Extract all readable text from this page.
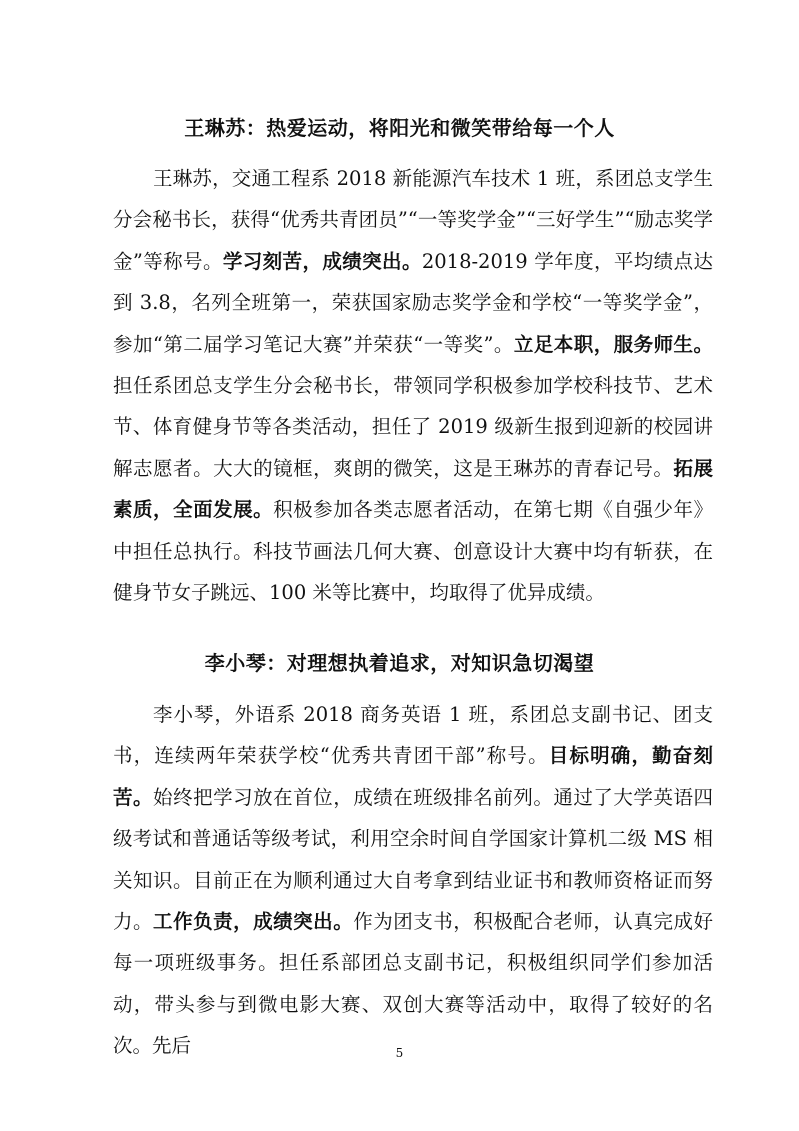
王琳苏：热爱运动，将阳光和微笑带给每一个人

王琳苏，交通工程系 2018 新能源汽车技术 1 班，系团总支学生分会秘书长，获得“优秀共青团员”“一等奖学金”“三好学生”“励志奖学金”等称号。学习刻苦，成绩突出。2018-2019 学年度，平均绩点达到 3.8，名列全班第一，荣获国家励志奖学金和学校“一等奖学金”，参加“第二届学习笔记大赛”并荣获“一等奖”。立足本职，服务师生。担任系团总支学生分会秘书长，带领同学积极参加学校科技节、艺术节、体育健身节等各类活动，担任了 2019 级新生报到迎新的校园讲解志愿者。大大的镜框，爽朗的微笑，这是王琳苏的青春记号。拓展素质，全面发展。积极参加各类志愿者活动，在第七期《自强少年》中担任总执行。科技节画法几何大赛、创意设计大赛中均有斩获，在健身节女子跳远、100 米等比赛中，均取得了优异成绩。

李小琴：对理想执着追求，对知识急切渴望

李小琴，外语系 2018 商务英语 1 班，系团总支副书记、团支书，连续两年荣获学校“优秀共青团干部”称号。目标明确，勤奋刻苦。始终把学习放在首位，成绩在班级排名前列。通过了大学英语四级考试和普通话等级考试，利用空余时间自学国家计算机二级 MS 相关知识。目前正在为顺利通过大自考拿到结业证书和教师资格证而努力。工作负责，成绩突出。作为团支书，积极配合老师，认真完成好每一项班级事务。担任系部团总支副书记，积极组织同学们参加活动，带头参与到微电影大赛、双创大赛等活动中，取得了较好的名次。先后	5
